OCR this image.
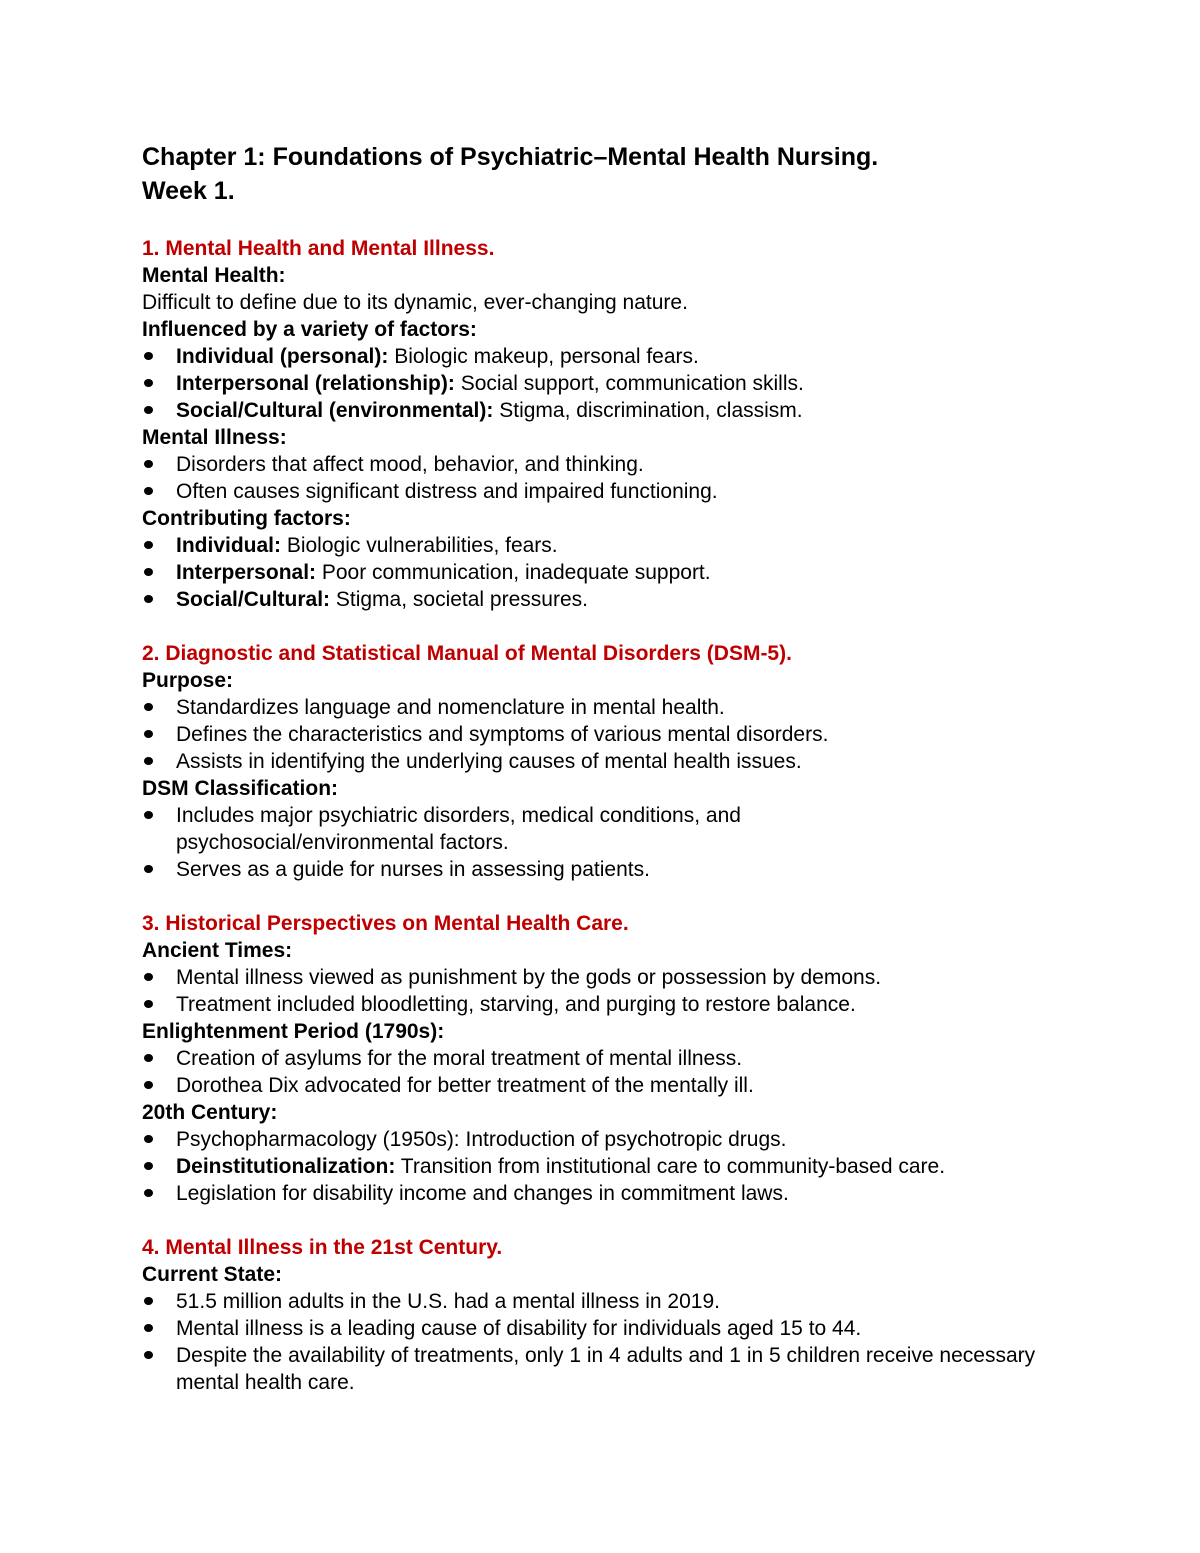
Chapter 1: Foundations of Psychiatric–Mental Health Nursing.
Week 1.
1. Mental Health and Mental Illness.
Mental Health:
Difficult to define due to its dynamic, ever-changing nature.
Influenced by a variety of factors:
Individual (personal): Biologic makeup, personal fears.
Interpersonal (relationship): Social support, communication skills.
Social/Cultural (environmental): Stigma, discrimination, classism.
Mental Illness:
Disorders that affect mood, behavior, and thinking.
Often causes significant distress and impaired functioning.
Contributing factors:
Individual: Biologic vulnerabilities, fears.
Interpersonal: Poor communication, inadequate support.
Social/Cultural: Stigma, societal pressures.
2. Diagnostic and Statistical Manual of Mental Disorders (DSM-5).
Purpose:
Standardizes language and nomenclature in mental health.
Defines the characteristics and symptoms of various mental disorders.
Assists in identifying the underlying causes of mental health issues.
DSM Classification:
Includes major psychiatric disorders, medical conditions, and psychosocial/environmental factors.
Serves as a guide for nurses in assessing patients.
3. Historical Perspectives on Mental Health Care.
Ancient Times:
Mental illness viewed as punishment by the gods or possession by demons.
Treatment included bloodletting, starving, and purging to restore balance.
Enlightenment Period (1790s):
Creation of asylums for the moral treatment of mental illness.
Dorothea Dix advocated for better treatment of the mentally ill.
20th Century:
Psychopharmacology (1950s): Introduction of psychotropic drugs.
Deinstitutionalization: Transition from institutional care to community-based care.
Legislation for disability income and changes in commitment laws.
4. Mental Illness in the 21st Century.
Current State:
51.5 million adults in the U.S. had a mental illness in 2019.
Mental illness is a leading cause of disability for individuals aged 15 to 44.
Despite the availability of treatments, only 1 in 4 adults and 1 in 5 children receive necessary mental health care.
